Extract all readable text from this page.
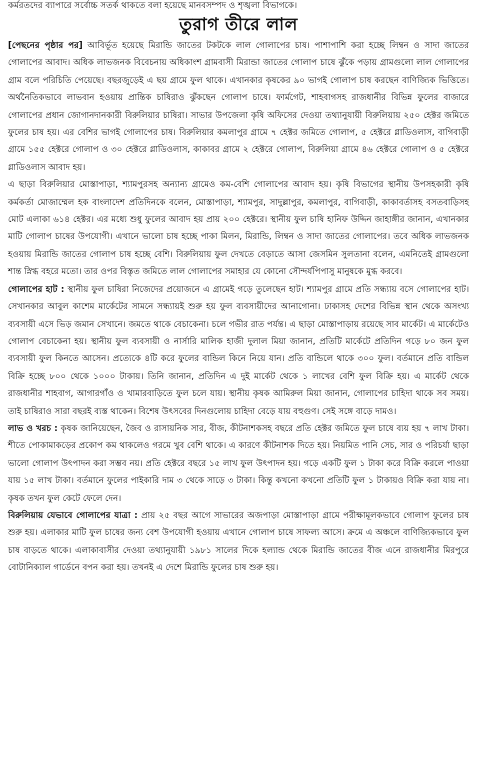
কর্মরতদের ব্যাপারে সর্বোচ্চ সতর্ক থাকতে বলা হয়েছে মানবসম্পদ ও শৃঙ্খলা বিভাগকে।
তুরাগ তীরে লাল

[পেছনের পৃষ্ঠার পর] আবির্ভূত হয়েছে মিরান্ডি জাতের টকটকে লাল গোলাপের চাষ। পাশাপাশি করা হচ্ছে লিম্বন ও সাদা জাতের গোলাপের আবাদ। অধিক লাভজনক বিবেচনায় অধিকাংশ গ্রামবাসী মিরান্ডা জাতের গোলাপ চাষে ঝুঁকে পড়ায় গ্রামগুলো লাল গোলাপের গ্রাম বলে পরিচিতি পেয়েছে। বছরজুড়েই এ ছয় গ্রামে ফুল থাকে। এখানকার কৃষকের ৯০ ভাগই গোলাপ চাষ করছেন বাণিজ্যিক ভিত্তিতে। অর্থনৈতিকভাবে লাভবান হওয়ায় প্রান্তিক চাষিরাও ঝুঁকছেন গোলাপ চাষে। ফার্মগেট, শাহবাগসহ রাজধানীর বিভিন্ন ফুলের বাজারে গোলাপের প্রধান জোগানদানকারী বিরুলিয়ার চাষিরা। সাভার উপজেলা কৃষি অফিসের দেওয়া তথ্যানুযায়ী বিরুলিয়ায় ২৫০ হেক্টর জমিতে ফুলের চাষ হয়। এর বেশির ভাগই গোলাপের চাষ। বিরুলিয়ার কমলাপুর গ্রামে ৭ হেক্টর জমিতে গোলাপ, ৫ হেক্টরে গ্লাডিওলাস, বাগিবাড়ী গ্রামে ১৫৫ হেক্টরে গোলাপ ও ৩০ হেক্টরে গ্লাডিওলাস, কাকাবর গ্রামে ২ হেক্টরে গোলাপ, বিরুলিয়া গ্রামে ৪৬ হেক্টরে গোলাপ ও ৫ হেক্টরে গ্লাডিওলাস আবাদ হয়।

এ ছাড়া বিরুলিয়ার মোস্তাপাড়া, শ্যামপুরসহ অন্যান্য গ্রামেও কম-বেশি গোলাপের আবাদ হয়। কৃষি বিভাগের স্থানীয় উপসহকারী কৃষি কর্মকর্তা মোজাম্মেল হক বাংলাদেশ প্রতিদিনকে বলেন, মোস্তাপাড়া, শ্যামপুর, সাদুল্লাপুর, কমলাপুর, বাগিবাড়ী, কাকাবর্তাসহ বসতবাড়িসহ মোট এলাকা ৬১৪ হেক্টর। এর মধ্যে শুধু ফুলের আবাদ হয় প্রায় ২০০ হেক্টরে। স্থানীয় ফুল চাষি হানিফ উদ্দিন জাহাঙ্গীর জানান, এখানকার মাটি গোলাপ চাষের উপযোগী। এখানে ভালো চাষ হচ্ছে পাকা মিলন, মিরান্ডি, লিম্বন ও সাদা জাতের গোলাপের। তবে অধিক লাভজনক হওয়ায় মিরান্ডি জাতের গোলাপ চাষ হচ্ছে বেশি। বিরুলিয়ায় ফুল দেখতে বেড়াতে আসা জেসমিন সুলতানা বলেন, এমনিতেই গ্রামগুলো শান্ত স্নিগ্ধ বহরে মতো। তার ওপর বিস্তৃত জমিতে লাল গোলাপের সমাহার যে কোনো সৌন্দর্যপিপাসু মানুষকে মুগ্ধ করবে।

গোলাপের হাট : স্থানীয় ফুল চাষিরা নিজেদের প্রয়োজনে এ গ্রামেই গড়ে তুলেছেন হাট। শ্যামপুর গ্রামে প্রতি সন্ধ্যায় বসে গোলাপের হাট। সেখানকার আবুল কাশেম মার্কেটের সামনে সন্ধ্যায়ই শুরু হয় ফুল ব্যবসায়ীদের আনাগোনা। ঢাকাসহ দেশের বিভিন্ন স্থান থেকে অসংখ্য ব্যবসায়ী এসে ভিড় জমান সেখানে। জমতে থাকে বেচাকেনা। চলে গভীর রাত পর্যন্ত। এ ছাড়া মোস্তাপাড়ায় রয়েছে সাব মার্কেট। এ মার্কেটেও গোলাপ বেচাকেনা হয়। স্থানীয় ফুল ব্যবসায়ী ও নার্সারি মালিক হাজী দুলাল মিয়া জানান, প্রতিটি মার্কেটে প্রতিদিন গড়ে ৮০ জন ফুল ব্যবসায়ী ফুল কিনতে আসেন। প্রত্যেকে ৪টি করে ফুলের বান্ডিল কিনে নিয়ে যান। প্রতি বান্ডিলে থাকে ৩০০ ফুল। বর্তমানে প্রতি বান্ডিল বিক্রি হচ্ছে ৮০০ থেকে ১০০০ টাকায়। তিনি জানান, প্রতিদিন এ দুই মার্কেট থেকে ১ লাখের বেশি ফুল বিক্রি হয়। এ মার্কেট থেকে রাজধানীর শাহবাগ, আগারগাঁও ও খামারবাড়িতে ফুল চলে যায়। স্থানীয় কৃষক আমিরুল মিয়া জানান, গোলাপের চাহিদা থাকে সব সময়। তাই চাষিরাও সারা বছরই ব্যস্ত থাকেন। বিশেষ উৎসবের দিনগুলোয় চাহিদা বেড়ে যায় বহুগুণ। সেই সঙ্গে বাড়ে দামও।

লাভ ও খরচ : কৃষক জানিয়েছেন, জৈব ও রাসায়নিক সার, বীজ, কীটনাশকসহ বছরে প্রতি হেক্টর জমিতে ফুল চাষে ব্যয় হয় ৭ লাখ টাকা। শীতে পোকামাকড়ের প্রকোপ কম থাকলেও গরমে খুব বেশি থাকে। এ কারণে কীটনাশক দিতে হয়। নিয়মিত পানি সেচ, সার ও পরিচর্যা ছাড়া ভালো গোলাপ উৎপাদন করা সম্ভব নয়। প্রতি হেক্টরে বছরে ১৫ লাখ ফুল উৎপাদন হয়। গড়ে একটি ফুল ১ টাকা করে বিক্রি করলে পাওয়া যায় ১৫ লাখ টাকা। বর্তমানে ফুলের পাইকারি দাম ৩ থেকে সাড়ে ৩ টাকা। কিন্তু কখনো কখনো প্রতিটি ফুল ১ টাকায়ও বিক্রি করা যায় না। কৃষক তখন ফুল কেটে ফেলে দেন।

বিরুলিয়ায় যেভাবে গোলাপের যাত্রা : প্রায় ২৫ বছর আগে সাভারের অজপাড়া মোস্তাপাড়া গ্রামে পরীক্ষামূলকভাবে গোলাপ ফুলের চাষ শুরু হয়। এলাকার মাটি ফুল চাষের জন্য বেশ উপযোগী হওয়ায় এখানে গোলাপ চাষে সাফল্য আসে। ক্রমে এ অঞ্চলে বাণিজ্যিকভাবে ফুল চাষ বাড়তে থাকে। এলাকাবাসীর দেওয়া তথ্যানুযায়ী ১৯৮১ সালের দিকে হল্যান্ড থেকে মিরান্ডি জাতের বীজ এনে রাজধানীর মিরপুরে বোটানিক্যাল গার্ডেনে বপন করা হয়। তখনই এ দেশে মিরান্ডি ফুলের চাষ শুরু হয়।
